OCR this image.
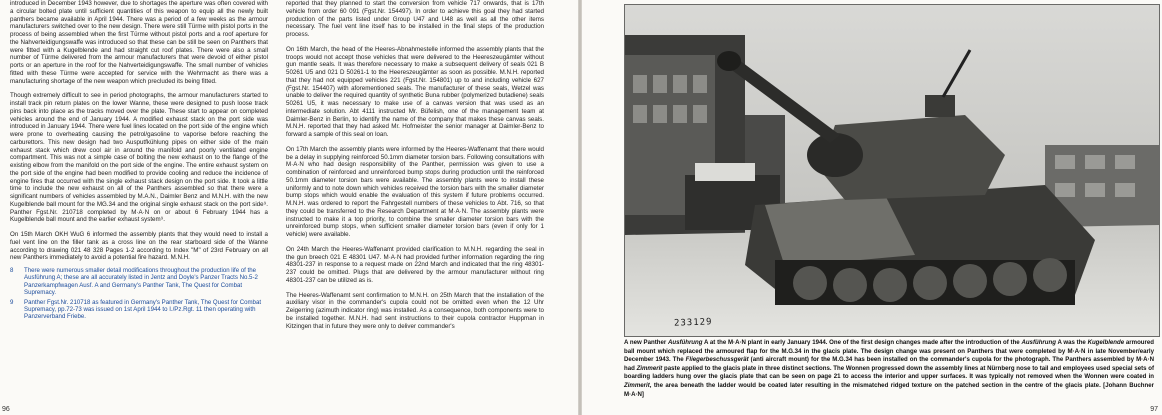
introduced in December 1943 however, due to shortages the aperture was often covered with a circular bolted plate until sufficient quantities of this weapon to equip all the newly built panthers became available in April 1944. There was a period of a few weeks as the armour manufacturers switched over to the new design. There were still Türme with pistol ports in the process of being assembled when the first Türme without pistol ports and a roof aperture for the Nahverteidigungswaffe was introduced so that these can be still be seen on Panthers that were fitted with a Kugelblende and had straight cut roof plates. There were also a small number of Türme delivered from the armour manufacturers that were devoid of either pistol ports or an aperture in the roof for the Nahverteidigungswaffe. The small number of vehicles fitted with these Türme were accepted for service with the Wehrmacht as there was a manufacturing shortage of the new weapon which precluded its being fitted.

Though extremely difficult to see in period photographs, the armour manufacturers started to install track pin return plates on the lower Wanne, these were designed to push loose track pins back into place as the tracks moved over the plate. These start to appear on completed vehicles around the end of January 1944. A modified exhaust stack on the port side was introduced in January 1944. There were fuel lines located on the port side of the engine which were prone to overheating causing the petrol/gasoline to vaporise before reaching the carburettors. This new design had two Ausputfkühlung pipes on either side of the main exhaust stack which drew cool air in around the manifold and poorly ventilated engine compartment. This was not a simple case of bolting the new exhaust on to the flange of the existing elbow from the manifold on the port side of the engine. The entire exhaust system on the port side of the engine had been modified to provide cooling and reduce the incidence of engine fires that occurred with the single exhaust stack design on the port side. It took a little time to include the new exhaust on all of the Panthers assembled so that there were a significant numbers of vehicles assembled by M.A.N., Daimler Benz and M.N.H. with the new Kugelblende ball mount for the MG.34 and the original single exhaust stack on the port side⁹. Panther Fgst.Nr. 210718 completed by M·A·N on or about 6 February 1944 has a Kugelblende ball mount and the earlier exhaust system⁹.

On 15th March OKH WuG 6 informed the assembly plants that they would need to install a fuel vent line on the filler tank as a cross line on the rear starboard side of the Wanne according to drawing 021 48 328 Pages 1-2 according to Index "M" of 23rd February on all new Panthers immediately to avoid a potential fire hazard. M.N.H.

8	There were numerous smaller detail modifications throughout the production life of the Ausführung A; these are all accurately listed in Jentz and Doyle's Panzer Tracts No.5-2 Panzerkampfwagen Ausf. A and Germany's Panther Tank, The Quest for Combat Supremacy.
9	Panther Fgst.Nr. 210718 as featured in Germany's Panther Tank, The Quest for Combat Supremacy, pp.72-73 was issued on 1st April 1944 to I./Pz.Rgt. 11 then operating with Panzerverband Friebe.

reported that they planned to start the conversion from vehicle 717 onwards, that is 17th vehicle from order 60 091 (Fgst.Nr. 154497). In order to achieve this goal they had started production of the parts listed under Group U47 and U48 as well as all the other items necessary. The fuel vent line itself has to be installed in the final steps of the production process.

On 16th March, the head of the Heeres-Abnahmestelle informed the assembly plants that the troops would not accept those vehicles that were delivered to the Heereszeugämter without gun mantle seals. It was therefore necessary to make a subsequent delivery of seals 021 B 50261 U5 and 021 D 50261-1 to the Heereszeugämter as soon as possible. M.N.H. reported that they had not equipped vehicles 221 (Fgst.Nr. 154801) up to and including vehicle 627 (Fgst.Nr. 154407) with aforementioned seals. The manufacturer of these seals, Wetzel was unable to deliver the required quantity of synthetic Buna rubber (polymerized butadiene) seals 50261 U5, it was necessary to make use of a canvas version that was used as an intermediate solution. Abt 4111 instructed Mr. Büfelish, one of the management team at Daimler-Benz in Berlin, to identify the name of the company that makes these canvas seals. M.N.H. reported that they had asked Mr. Hofmeister the senior manager at Daimler-Benz to forward a sample of this seal on loan.

On 17th March the assembly plants were informed by the Heeres-Waffenamt that there would be a delay in supplying reinforced 50.1mm diameter torsion bars. Following consultations with M·A·N who had design responsibility of the Panther, permission was given to use a combination of reinforced and unreinforced bump stops during production until the reinforced 50.1mm diameter torsion bars were available. The assembly plants were to install these uniformly and to note down which vehicles received the torsion bars with the smaller diameter bump stops which would enable the evaluation of this system if future problems occurred. M.N.H. was ordered to report the Fahrgestell numbers of these vehicles to Abt. 716, so that they could be transferred to the Research Department at M·A·N. The assembly plants were instructed to make it a top priority, to combine the smaller diameter torsion bars with the unreinforced bump stops, when sufficient smaller diameter torsion bars (even if only for 1 vehicle) were available.

On 24th March the Heeres-Waffenamt provided clarification to M.N.H. regarding the seal in the gun breech 021 E 48301 U47. M·A·N had provided further information regarding the ring 48301-237 in response to a request made on 22nd March and indicated that the ring 48301-237 could be omitted. Plugs that are delivered by the armour manufacturer without ring 48301-237 can be utilized as is.

The Heeres-Waffenamt sent confirmation to M.N.H. on 25th March that the installation of the auxiliary visor in the commander's cupola could not be omitted even when the 12 Uhr Zeigerring (azimuth indicator ring) was installed. As a consequence, both components were to be installed together. M.N.H. had sent instructions to their cupola contractor Huppman in Kitzingen that in future they were only to deliver commander's

96
233129
A new Panther Ausführung A at the M·A·N plant in early January 1944. One of the first design changes made after the introduction of the Ausführung A was the Kugelblende armoured ball mount which replaced the armoured flap for the M.G.34 in the glacis plate. The design change was present on Panthers that were completed by M·A·N in late November/early December 1943. The Fliegerbeschussgerät (anti aircraft mount) for the M.G.34 has been installed on the commander's cupola for the photograph. The Panthers assembled by M·A·N had Zimmerit paste applied to the glacis plate in three distinct sections. The Wonnen progressed down the assembly lines at Nürnberg nose to tail and employees used special sets of boarding ladders hung over the glacis plate that can be seen on page 21 to access the interior and upper surfaces. It was typically not removed when the Wonnen were coated in Zimmerit, the area beneath the ladder would be coated later resulting in the mismatched ridged texture on the patched section in the centre of the glacis plate. [Johann Buchner M·A·N]
97
